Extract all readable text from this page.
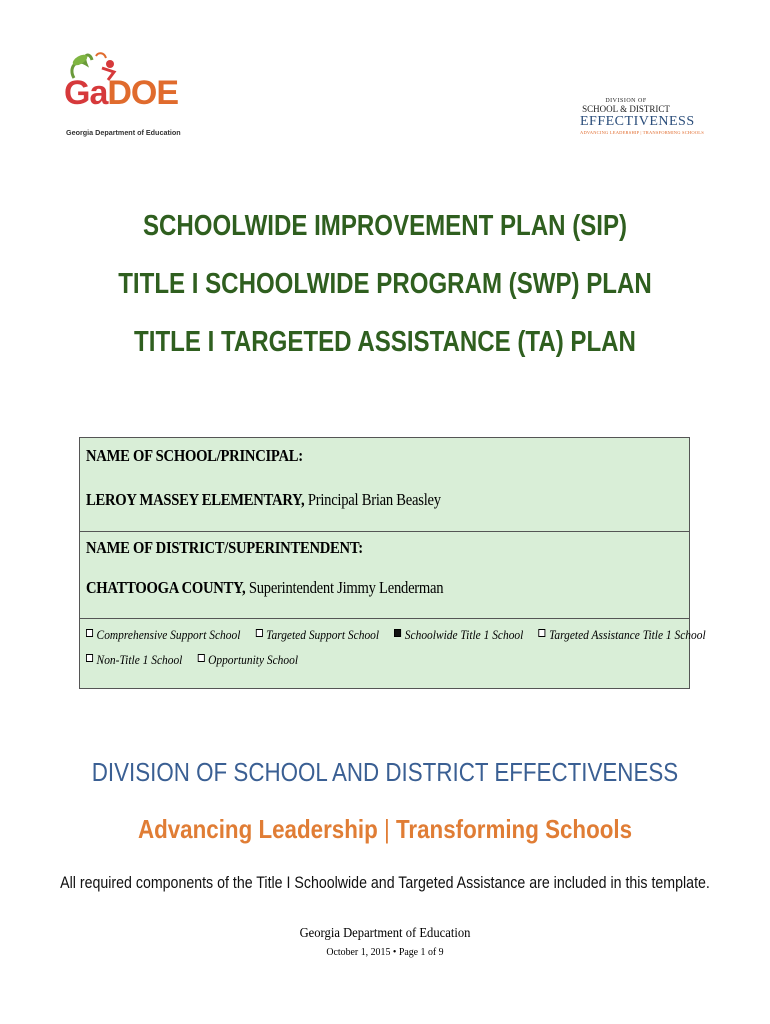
GaDOE
Georgia Department of Education
DIVISION OF
SCHOOL & DISTRICT
EFFECTIVENESS
ADVANCING LEADERSHIP | TRANSFORMING SCHOOLS
SCHOOLWIDE IMPROVEMENT PLAN (SIP)
TITLE I SCHOOLWIDE PROGRAM (SWP) PLAN
TITLE I TARGETED ASSISTANCE (TA) PLAN
NAME OF SCHOOL/PRINCIPAL:
LEROY MASSEY ELEMENTARY, Principal Brian Beasley
NAME OF DISTRICT/SUPERINTENDENT:
CHATTOOGA COUNTY, Superintendent Jimmy Lenderman
Comprehensive Support School Targeted Support School Schoolwide Title 1 School Targeted Assistance Title 1 School
Non-Title 1 School Opportunity School
DIVISION OF SCHOOL AND DISTRICT EFFECTIVENESS
Advancing Leadership | Transforming Schools
All required components of the Title I Schoolwide and Targeted Assistance are included in this template.
Georgia Department of Education
October 1, 2015 • Page 1 of 9
